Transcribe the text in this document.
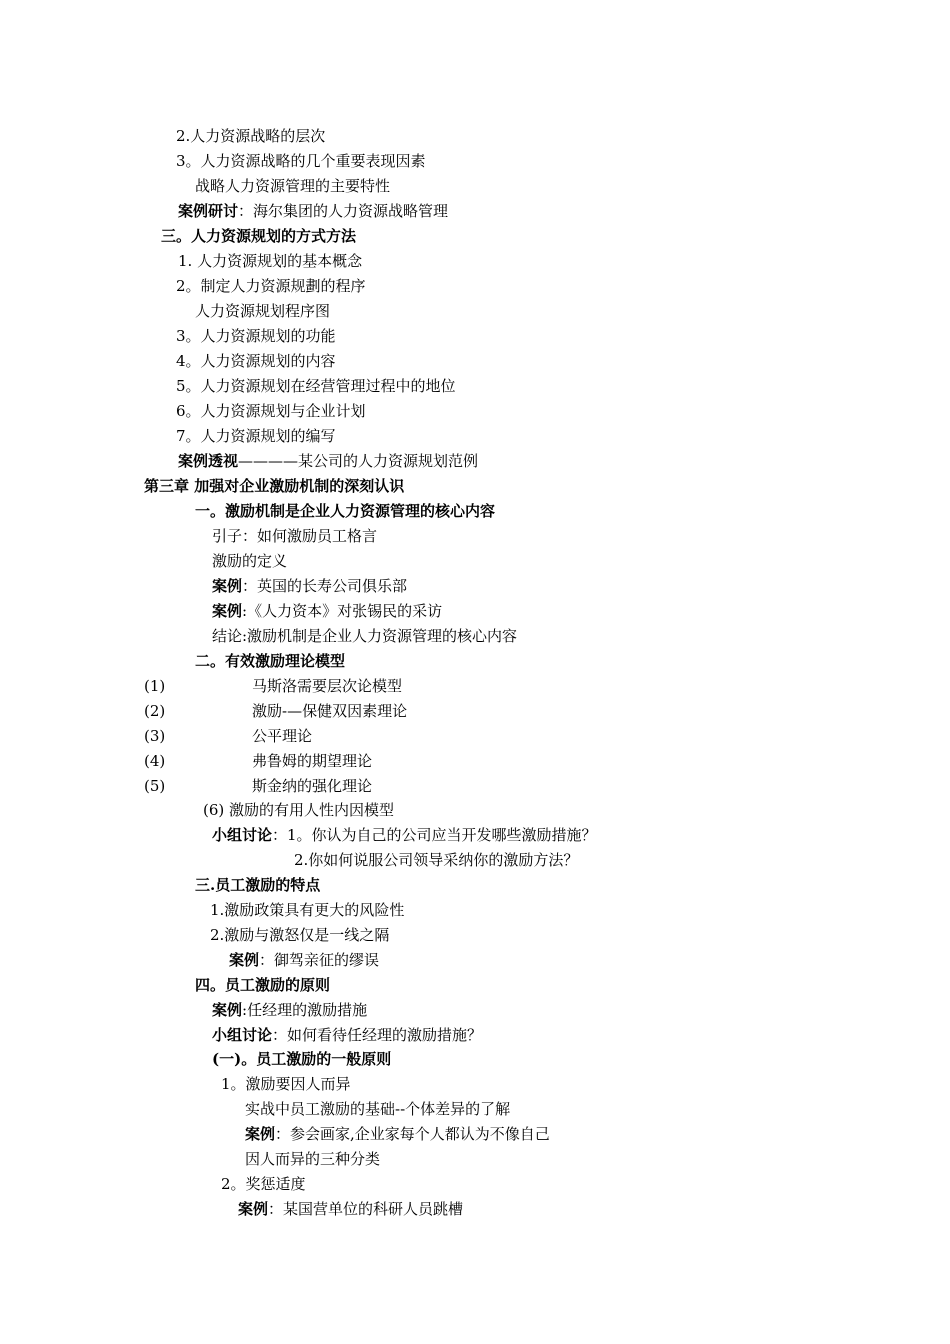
2.人力资源战略的层次
3。人力资源战略的几个重要表现因素
战略人力资源管理的主要特性
案例研讨：海尔集团的人力资源战略管理
三。人力资源规划的方式方法
1. 人力资源规划的基本概念
2。制定人力资源规劃的程序
人力资源规划程序图
3。人力资源规划的功能
4。人力资源规划的内容
5。人力资源规划在经营管理过程中的地位
6。人力资源规划与企业计划
7。人力资源规划的编写
案例透视————某公司的人力资源规划范例
第三章 加强对企业激励机制的深刻认识
一。激励机制是企业人力资源管理的核心内容
引子：如何激励员工格言
激励的定义
案例：英国的长寿公司俱乐部
案例:《人力资本》对张锡民的采访
结论:激励机制是企业人力资源管理的核心内容
二。有效激励理论模型
(1)	马斯洛需要层次论模型
(2)	激励-—保健双因素理论
(3)	公平理论
(4)	弗鲁姆的期望理论
(5)	斯金纳的强化理论
(6) 激励的有用人性内因模型
小组讨论：1。你认为自己的公司应当开发哪些激励措施？
2.你如何说服公司领导采纳你的激励方法？
三.员工激励的特点
1.激励政策具有更大的风险性
2.激励与激怒仅是一线之隔
案例：御驾亲征的缪误
四。员工激励的原则
案例:任经理的激励措施
小组讨论：如何看待任经理的激励措施？
(一)。员工激励的一般原则
1。激励要因人而异
实战中员工激励的基础--个体差异的了解
案例：参会画家,企业家每个人都认为不像自己
因人而异的三种分类
2。奖惩适度
案例：某国营单位的科研人员跳槽
